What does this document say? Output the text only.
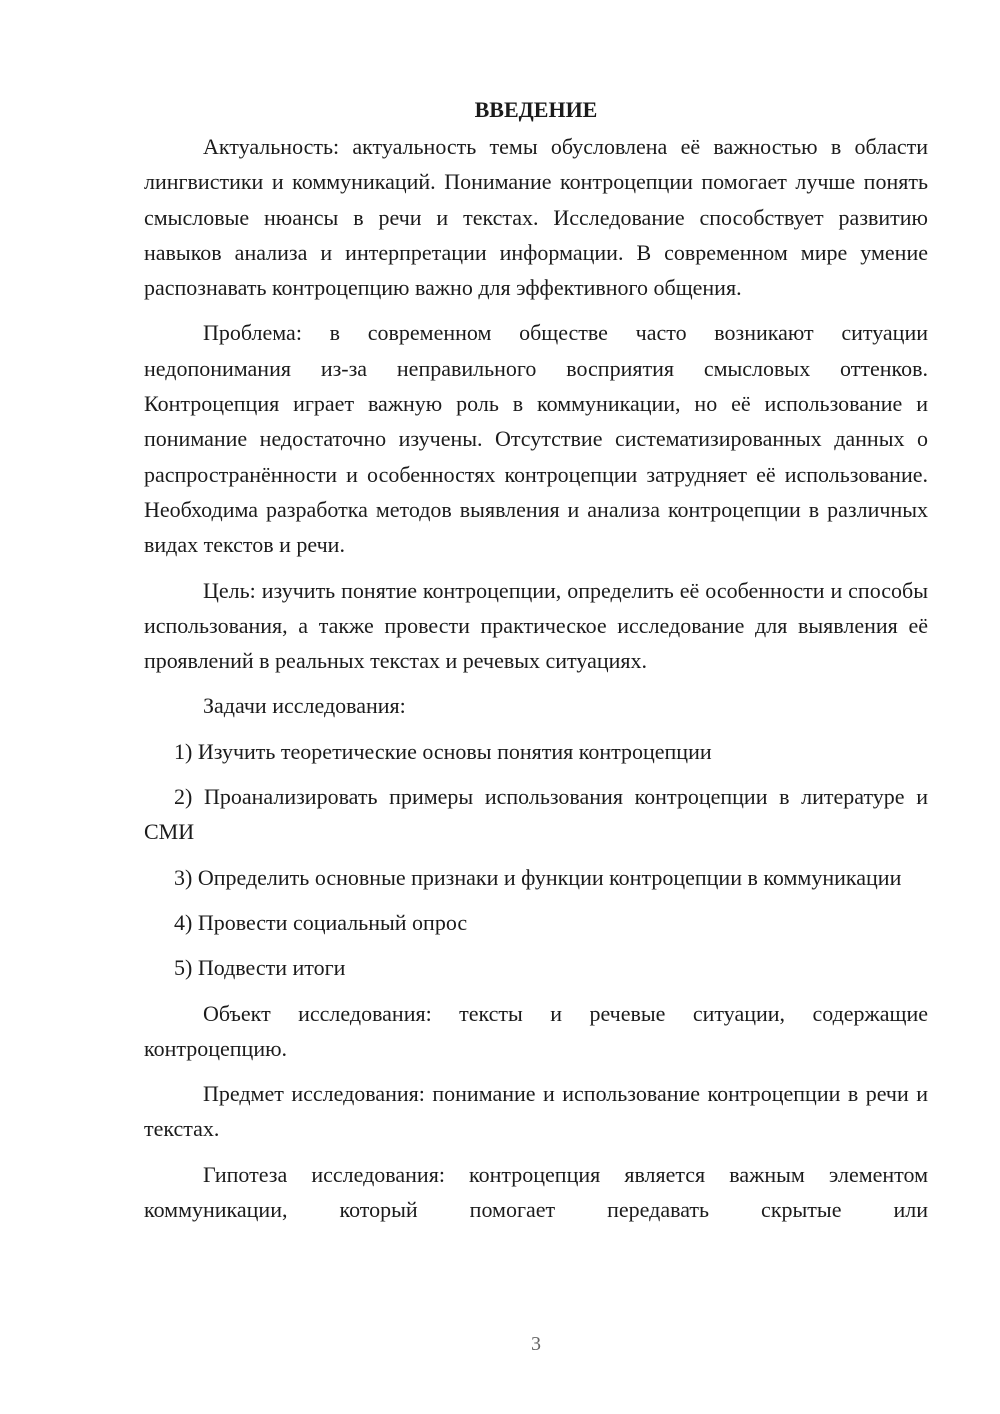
ВВЕДЕНИЕ

Актуальность: актуальность темы обусловлена её важностью в области лингвистики и коммуникаций. Понимание контроцепции помогает лучше понять смысловые нюансы в речи и текстах. Исследование способствует развитию навыков анализа и интерпретации информации. В современном мире умение распознавать контроцепцию важно для эффективного общения.

Проблема: в современном обществе часто возникают ситуации недопонимания из-за неправильного восприятия смысловых оттенков. Контроцепция играет важную роль в коммуникации, но её использование и понимание недостаточно изучены. Отсутствие систематизированных данных о распространённости и особенностях контроцепции затрудняет её использование. Необходима разработка методов выявления и анализа контроцепции в различных видах текстов и речи.

Цель: изучить понятие контроцепции, определить её особенности и способы использования, а также провести практическое исследование для выявления её проявлений в реальных текстах и речевых ситуациях.

Задачи исследования:

1) Изучить теоретические основы понятия контроцепции

2) Проанализировать примеры использования контроцепции в литературе и СМИ

3) Определить основные признаки и функции контроцепции в коммуникации

4) Провести социальный опрос

5) Подвести итоги

Объект исследования: тексты и речевые ситуации, содержащие контроцепцию.

Предмет исследования: понимание и использование контроцепции в речи и текстах.

Гипотеза исследования: контроцепция является важным элементом коммуникации, который помогает передавать скрытые или

3
